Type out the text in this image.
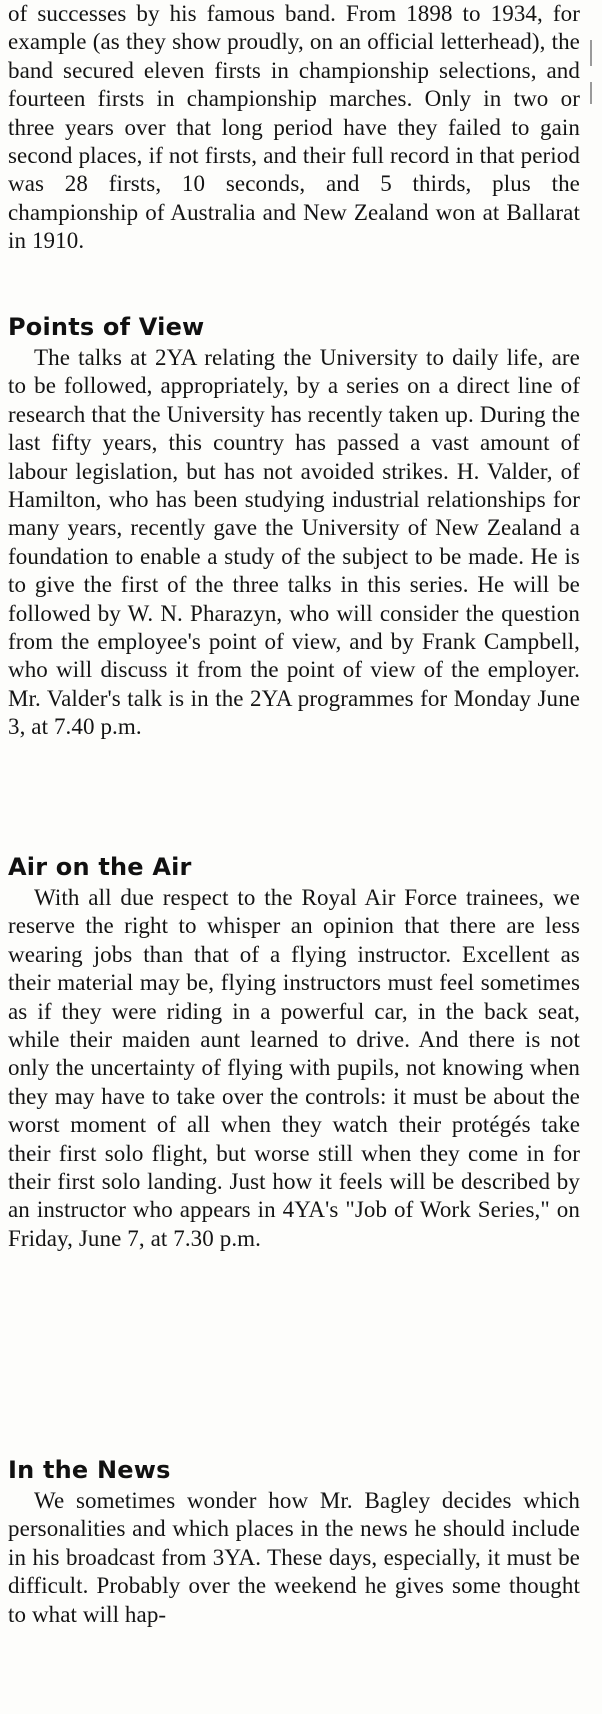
of successes by his famous band. From 1898 to 1934, for example (as they show proudly, on an official letterhead), the band secured eleven firsts in championship selections, and fourteen firsts in championship marches. Only in two or three years over that long period have they failed to gain second places, if not firsts, and their full record in that period was 28 firsts, 10 seconds, and 5 thirds, plus the championship of Australia and New Zealand won at Ballarat in 1910.

Points of View

The talks at 2YA relating the University to daily life, are to be followed, appropriately, by a series on a direct line of research that the University has recently taken up. During the last fifty years, this country has passed a vast amount of labour legislation, but has not avoided strikes. H. Valder, of Hamilton, who has been studying industrial relationships for many years, recently gave the University of New Zealand a foundation to enable a study of the subject to be made. He is to give the first of the three talks in this series. He will be followed by W. N. Pharazyn, who will consider the question from the employee's point of view, and by Frank Campbell, who will discuss it from the point of view of the employer. Mr. Valder's talk is in the 2YA programmes for Monday June 3, at 7.40 p.m.

Air on the Air

With all due respect to the Royal Air Force trainees, we reserve the right to whisper an opinion that there are less wearing jobs than that of a flying instructor. Excellent as their material may be, flying instructors must feel sometimes as if they were riding in a powerful car, in the back seat, while their maiden aunt learned to drive. And there is not only the uncertainty of flying with pupils, not knowing when they may have to take over the controls: it must be about the worst moment of all when they watch their protégés take their first solo flight, but worse still when they come in for their first solo landing. Just how it feels will be described by an instructor who appears in 4YA's "Job of Work Series," on Friday, June 7, at 7.30 p.m.

In the News

We sometimes wonder how Mr. Bagley decides which personalities and which places in the news he should include in his broadcast from 3YA. These days, especially, it must be difficult. Probably over the weekend he gives some thought to what will hap-
